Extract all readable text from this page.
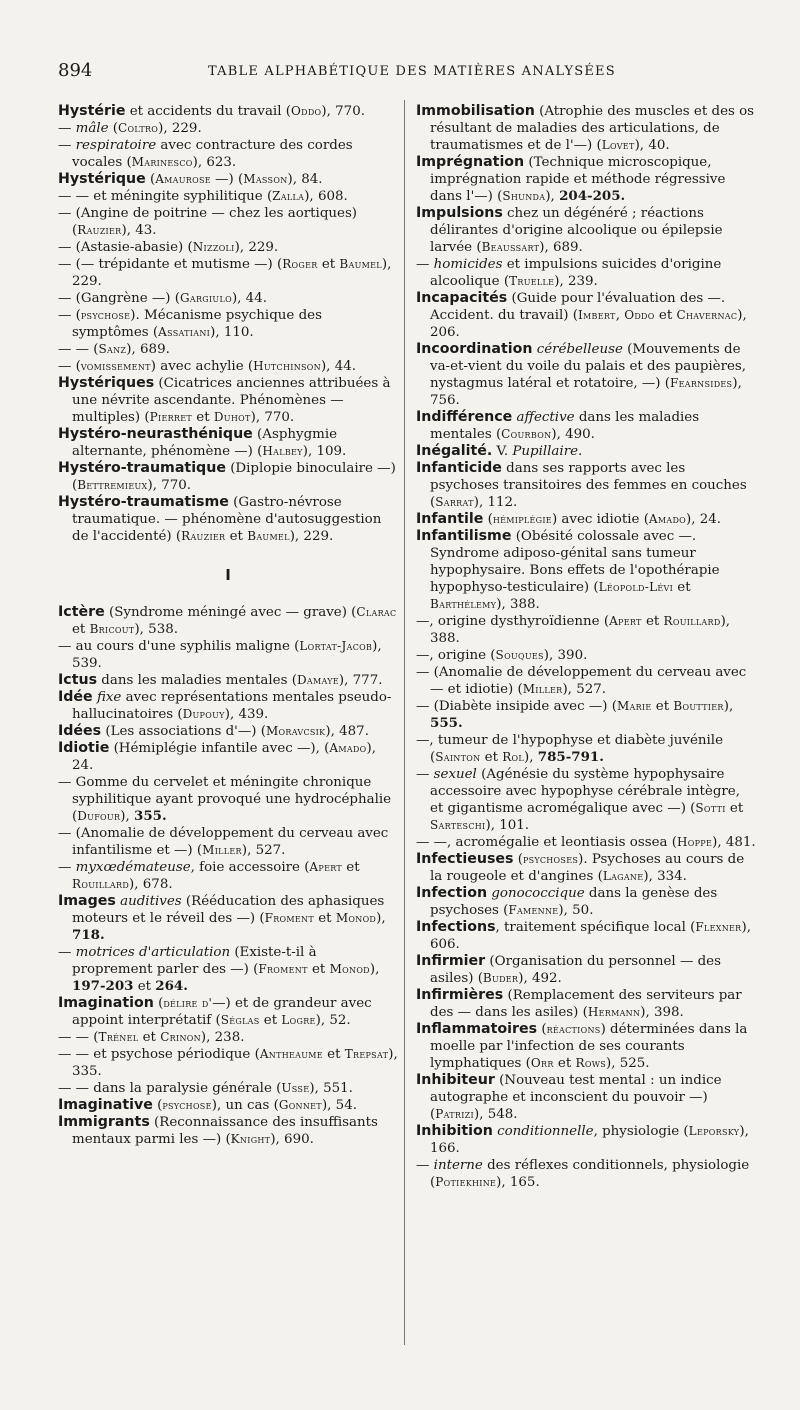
894	TABLE ALPHABÉTIQUE DES MATIÈRES ANALYSÉES

Hystérie et accidents du travail (Oddo), 770.

— mâle (Coltro), 229.

— respiratoire avec contracture des cordes vocales (Marinesco), 623.

Hystérique (Amaurose —) (Masson), 84.

— — et méningite syphilitique (Zalla), 608.

— (Angine de poitrine — chez les aortiques) (Rauzier), 43.

— (Astasie-abasie) (Nizzoli), 229.

— (— trépidante et mutisme —) (Roger et Baumel), 229.

— (Gangrène —) (Gargiulo), 44.

— (psychose). Mécanisme psychique des symptômes (Assatiani), 110.

— — (Sanz), 689.

— (vomissement) avec achylie (Hutchinson), 44.

Hystériques (Cicatrices anciennes attribuées à une névrite ascendante. Phénomènes — multiples) (Pierret et Duhot), 770.

Hystéro-neurasthénique (Asphygmie alternante, phénomène —) (Halbey), 109.

Hystéro-traumatique (Diplopie binoculaire —) (Bettremieux), 770.

Hystéro-traumatisme (Gastro-névrose traumatique. — phénomène d'autosuggestion de l'accidenté) (Rauzier et Baumel), 229.

I

Ictère (Syndrome méningé avec — grave) (Clarac et Bricout), 538.

— au cours d'une syphilis maligne (Lortat-Jacob), 539.

Ictus dans les maladies mentales (Damaye), 777.

Idée fixe avec représentations mentales pseudo-hallucinatoires (Dupouy), 439.

Idées (Les associations d'—) (Moravcsik), 487.

Idiotie (Hémiplégie infantile avec —), (Amado), 24.

— Gomme du cervelet et méningite chronique syphilitique ayant provoqué une hydrocéphalie (Dufour), 355.

— (Anomalie de développement du cerveau avec infantilisme et —) (Miller), 527.

— myxœdémateuse, foie accessoire (Apert et Rouillard), 678.

Images auditives (Rééducation des aphasiques moteurs et le réveil des —) (Froment et Monod), 718.

— motrices d'articulation (Existe-t-il à proprement parler des —) (Froment et Monod), 197-203 et 264.

Imagination (délire d'—) et de grandeur avec appoint interprétatif (Séglas et Logre), 52.

— — (Trénel et Crinon), 238.

— — et psychose périodique (Antheaume et Trepsat), 335.

— — dans la paralysie générale (Usse), 551.

Imaginative (psychose), un cas (Gonnet), 54.

Immigrants (Reconnaissance des insuffisants mentaux parmi les —) (Knight), 690.

Immobilisation (Atrophie des muscles et des os résultant de maladies des articulations, de traumatismes et de l'—) (Lovet), 40.

Imprégnation (Technique microscopique, imprégnation rapide et méthode régressive dans l'—) (Shunda), 204-205.

Impulsions chez un dégénéré ; réactions délirantes d'origine alcoolique ou épilepsie larvée (Beaussart), 689.

— homicides et impulsions suicides d'origine alcoolique (Truelle), 239.

Incapacités (Guide pour l'évaluation des —. Accident. du travail) (Imbert, Oddo et Chavernac), 206.

Incoordination cérébelleuse (Mouvements de va-et-vient du voile du palais et des paupières, nystagmus latéral et rotatoire, —) (Fearnsides), 756.

Indifférence affective dans les maladies mentales (Courbon), 490.

Inégalité. V. Pupillaire.

Infanticide dans ses rapports avec les psychoses transitoires des femmes en couches (Sarrat), 112.

Infantile (hémiplégie) avec idiotie (Amado), 24.

Infantilisme (Obésité colossale avec —. Syndrome adiposo-génital sans tumeur hypophysaire. Bons effets de l'opothérapie hypophyso-testiculaire) (Léopold-Lévi et Barthélemy), 388.

—, origine dysthyroïdienne (Apert et Rouillard), 388.

—, origine (Souques), 390.

— (Anomalie de développement du cerveau avec — et idiotie) (Miller), 527.

— (Diabète insipide avec —) (Marie et Bouttier), 555.

—, tumeur de l'hypophyse et diabète juvénile (Sainton et Rol), 785-791.

— sexuel (Agénésie du système hypophysaire accessoire avec hypophyse cérébrale intègre, et gigantisme acromégalique avec —) (Sotti et Sarteschi), 101.

— —, acromégalie et leontiasis ossea (Hoppe), 481.

Infectieuses (psychoses). Psychoses au cours de la rougeole et d'angines (Lagane), 334.

Infection gonococcique dans la genèse des psychoses (Famenne), 50.

Infections, traitement spécifique local (Flexner), 606.

Infirmier (Organisation du personnel — des asiles) (Buder), 492.

Infirmières (Remplacement des serviteurs par des — dans les asiles) (Hermann), 398.

Inflammatoires (réactions) déterminées dans la moelle par l'infection de ses courants lymphatiques (Orr et Rows), 525.

Inhibiteur (Nouveau test mental : un indice autographe et inconscient du pouvoir —) (Patrizi), 548.

Inhibition conditionnelle, physiologie (Leporsky), 166.

— interne des réflexes conditionnels, physiologie (Potiekhine), 165.
